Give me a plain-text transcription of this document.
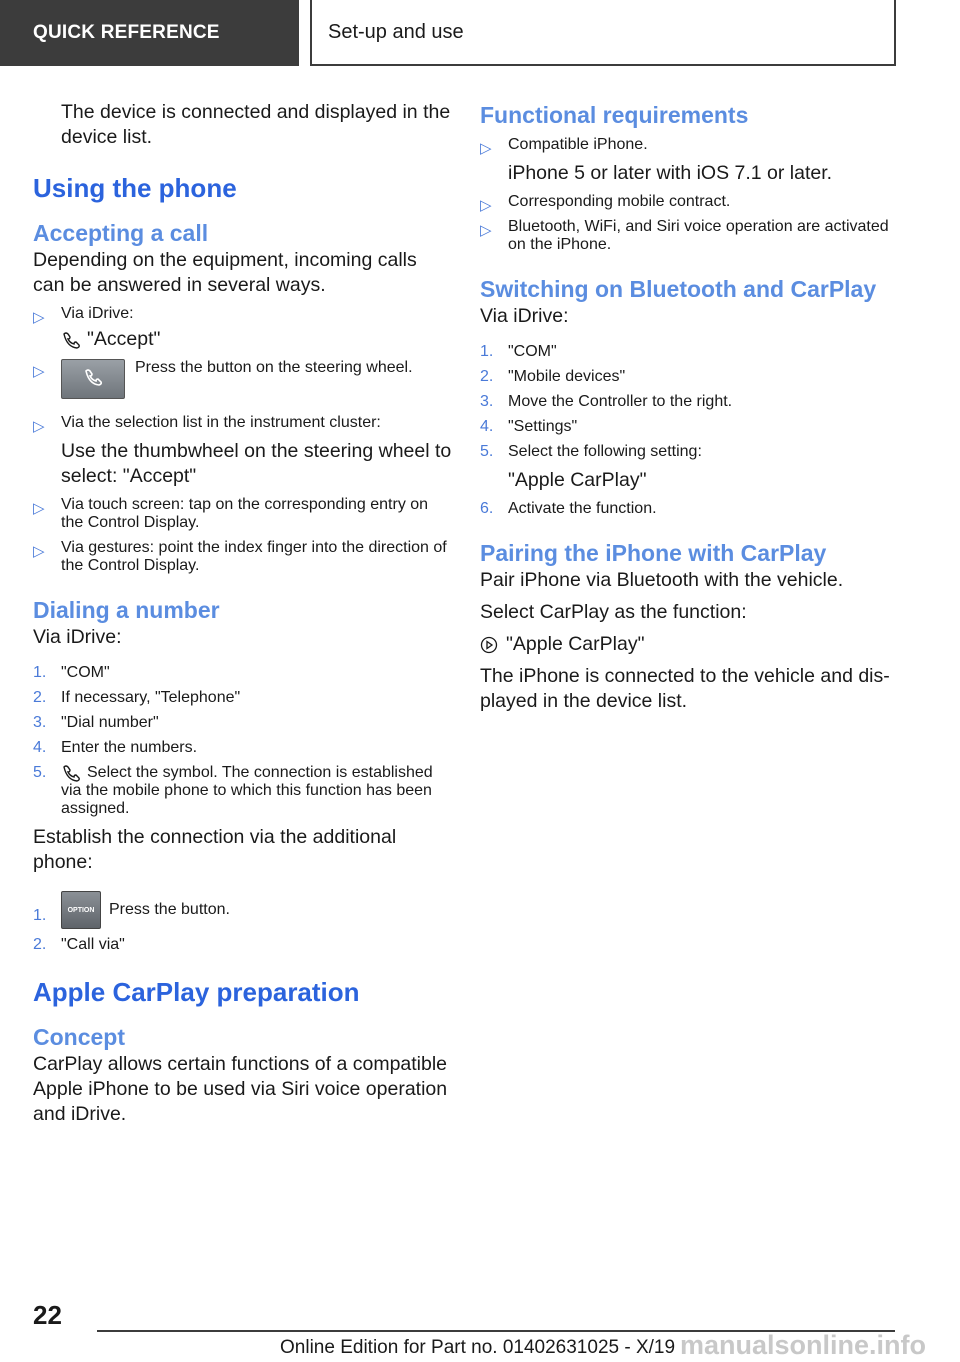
QUICK REFERENCE	Set-up and use

The device is connected and displayed in the device list.

Using the phone
Accepting a call

Depending on the equipment, incoming calls can be answered in several ways.

▷ Via iDrive:

"Accept"

▷	Press the button on the steering wheel.
▷ Via the selection list in the instrument cluster:

Use the thumbwheel on the steering wheel to select: "Accept"

▷ Via touch screen: tap on the corresponding entry on the Control Display.
▷ Via gestures: point the index finger into the direction of the Control Display.
Dialing a number

Via iDrive:

1. "COM"
2. If necessary, "Telephone"
3. "Dial number"
4. Enter the numbers.
5.	Select the symbol. The connection is established via the mobile phone to which this function has been assigned.

Establish the connection via the additional phone:

1.	OPTION Press the button.
2. "Call via"
Apple CarPlay preparation
Concept

CarPlay allows certain functions of a compatible Apple iPhone to be used via Siri voice operation and iDrive.

Functional requirements
▷ Compatible iPhone.

iPhone 5 or later with iOS 7.1 or later.

▷ Corresponding mobile contract.
▷ Bluetooth, WiFi, and Siri voice operation are activated on the iPhone.
Switching on Bluetooth and CarPlay

Via iDrive:

1. "COM"
2. "Mobile devices"
3. Move the Controller to the right.
4. "Settings"
5. Select the following setting:

"Apple CarPlay"

6. Activate the function.
Pairing the iPhone with CarPlay

Pair iPhone via Bluetooth with the vehicle.

Select CarPlay as the function:

"Apple CarPlay"

The iPhone is connected to the vehicle and displayed in the device list.

22
Online Edition for Part no. 01402631025 - X/19 manualsonline.info
